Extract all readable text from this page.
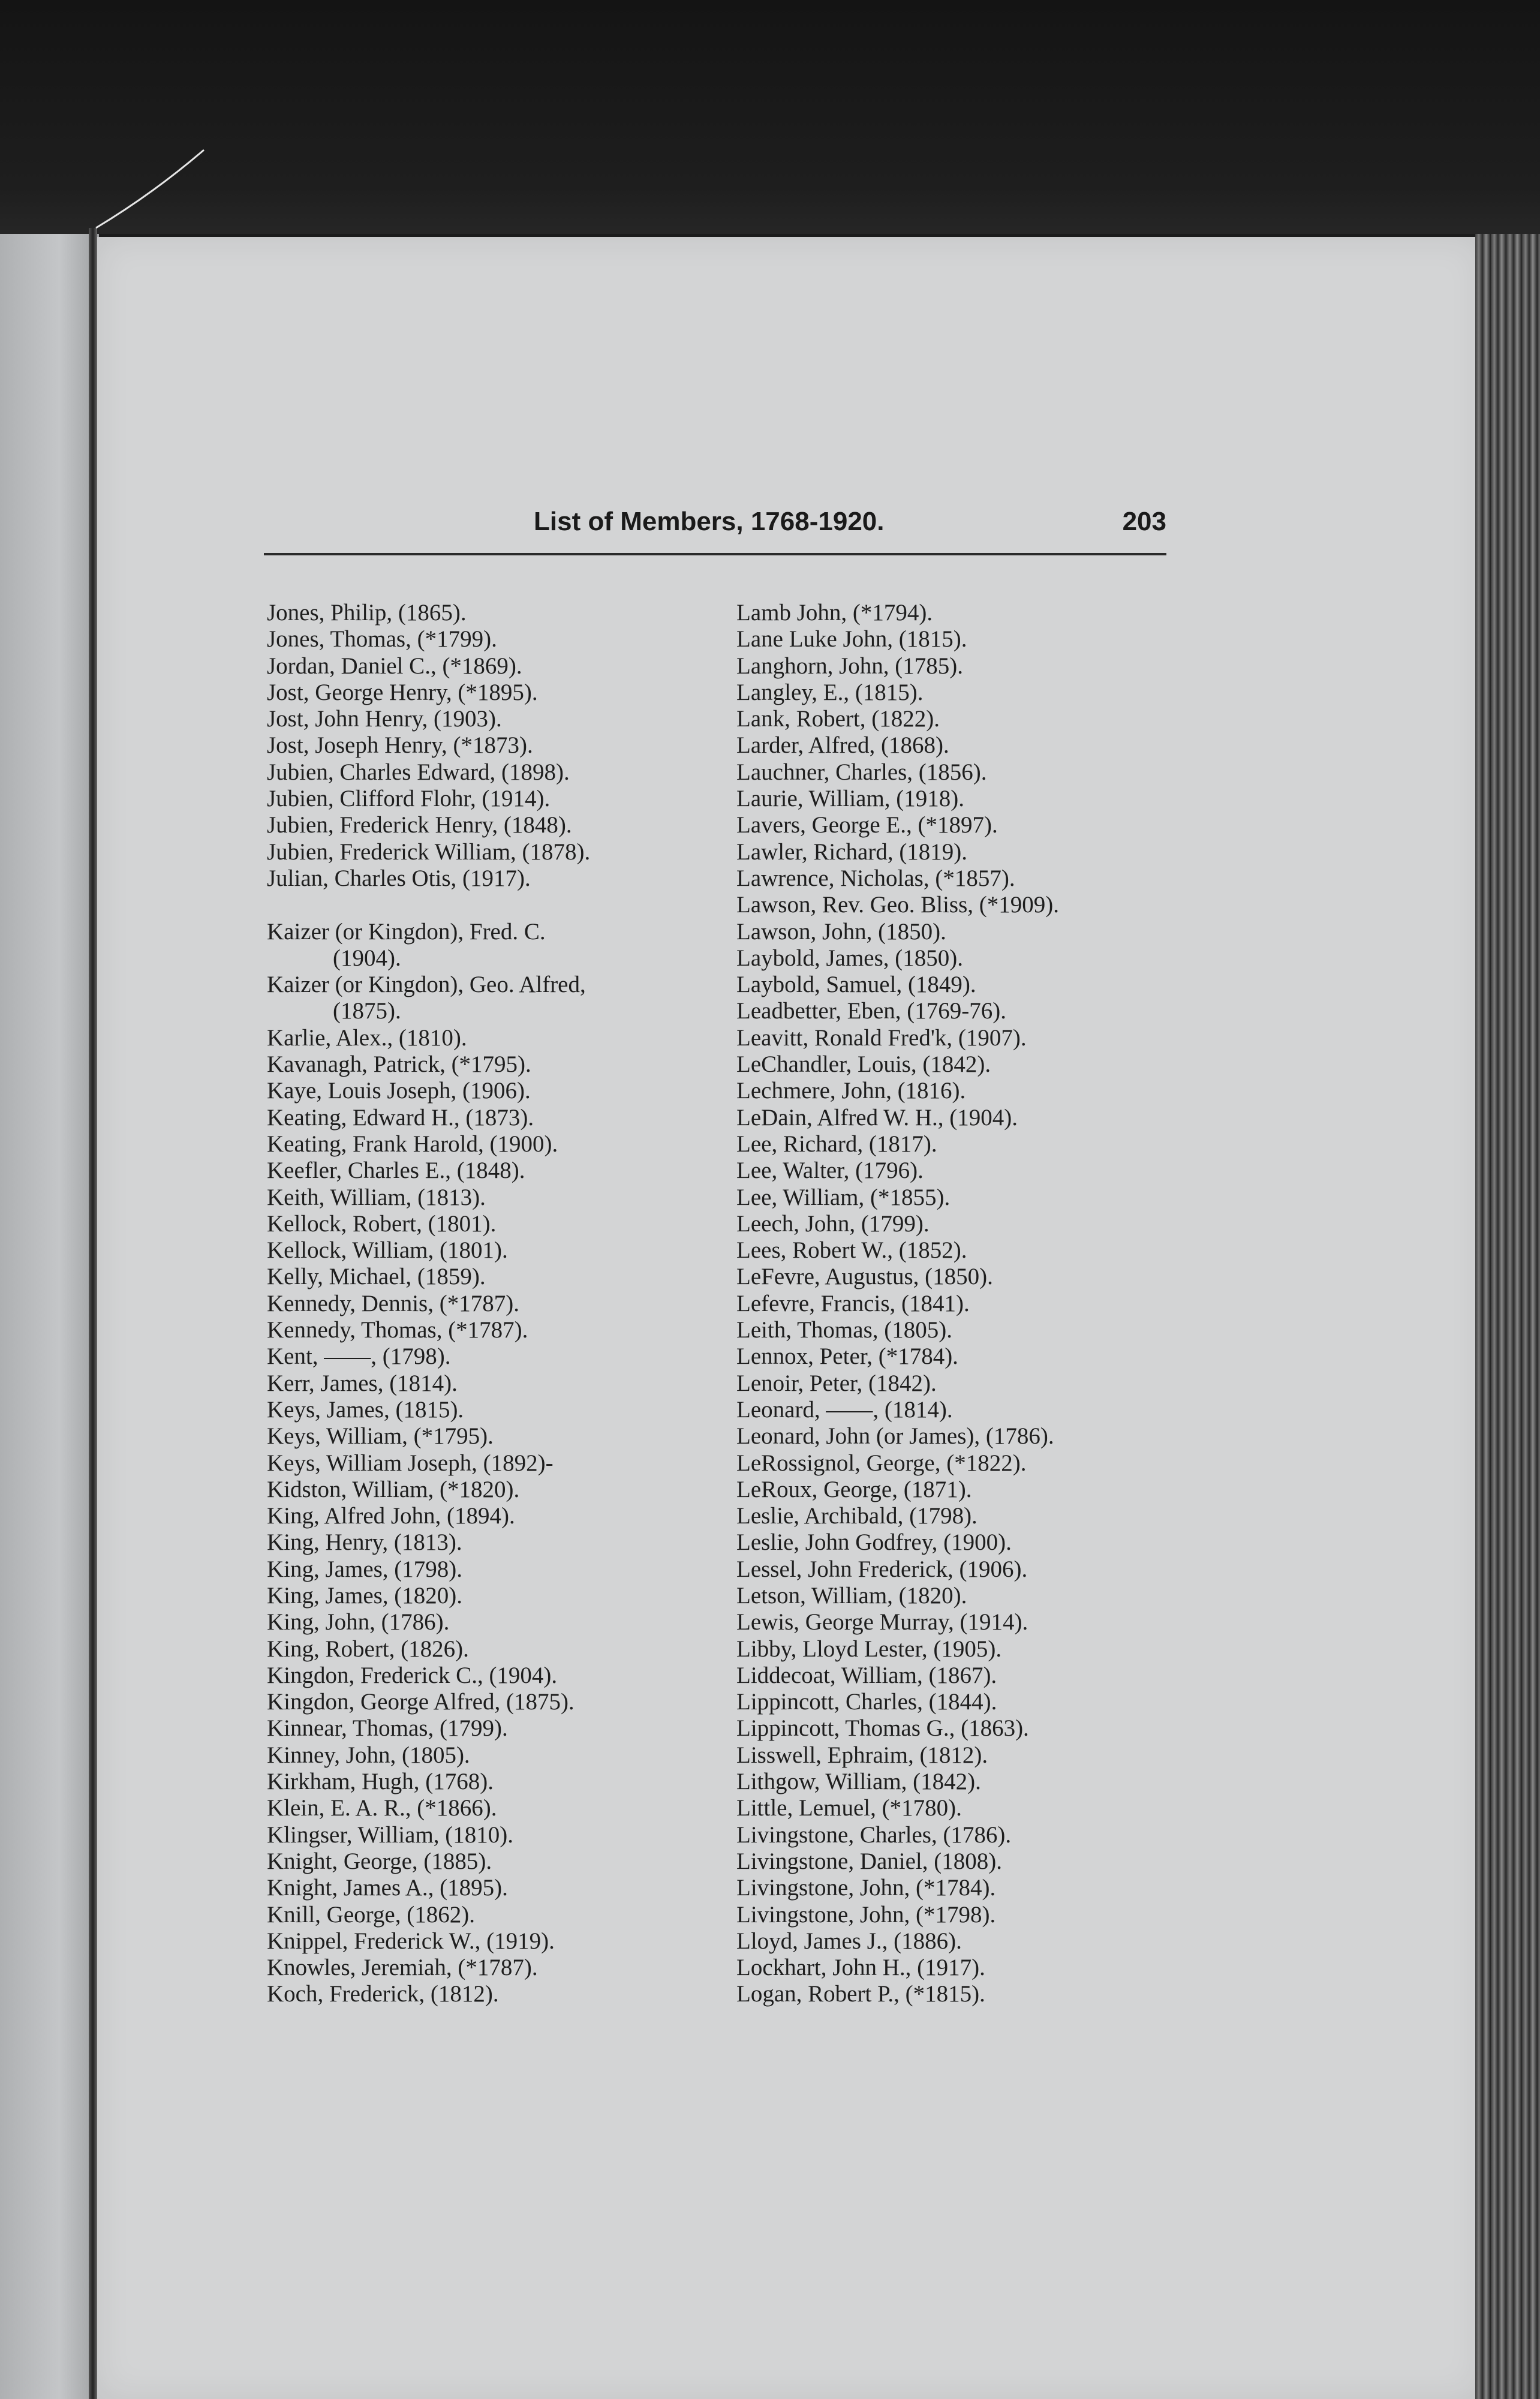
List of Members, 1768-1920.	203
Jones, Philip, (1865).
Jones, Thomas, (*1799).
Jordan, Daniel C., (*1869).
Jost, George Henry, (*1895).
Jost, John Henry, (1903).
Jost, Joseph Henry, (*1873).
Jubien, Charles Edward, (1898).
Jubien, Clifford Flohr, (1914).
Jubien, Frederick Henry, (1848).
Jubien, Frederick William, (1878).
Julian, Charles Otis, (1917).
Kaizer (or Kingdon), Fred. C.
(1904).
Kaizer (or Kingdon), Geo. Alfred,
(1875).
Karlie, Alex., (1810).
Kavanagh, Patrick, (*1795).
Kaye, Louis Joseph, (1906).
Keating, Edward H., (1873).
Keating, Frank Harold, (1900).
Keefler, Charles E., (1848).
Keith, William, (1813).
Kellock, Robert, (1801).
Kellock, William, (1801).
Kelly, Michael, (1859).
Kennedy, Dennis, (*1787).
Kennedy, Thomas, (*1787).
Kent, ——, (1798).
Kerr, James, (1814).
Keys, James, (1815).
Keys, William, (*1795).
Keys, William Joseph, (1892)-
Kidston, William, (*1820).
King, Alfred John, (1894).
King, Henry, (1813).
King, James, (1798).
King, James, (1820).
King, John, (1786).
King, Robert, (1826).
Kingdon, Frederick C., (1904).
Kingdon, George Alfred, (1875).
Kinnear, Thomas, (1799).
Kinney, John, (1805).
Kirkham, Hugh, (1768).
Klein, E. A. R., (*1866).
Klingser, William, (1810).
Knight, George, (1885).
Knight, James A., (1895).
Knill, George, (1862).
Knippel, Frederick W., (1919).
Knowles, Jeremiah, (*1787).
Koch, Frederick, (1812).
Lamb John, (*1794).
Lane Luke John, (1815).
Langhorn, John, (1785).
Langley, E., (1815).
Lank, Robert, (1822).
Larder, Alfred, (1868).
Lauchner, Charles, (1856).
Laurie, William, (1918).
Lavers, George E., (*1897).
Lawler, Richard, (1819).
Lawrence, Nicholas, (*1857).
Lawson, Rev. Geo. Bliss, (*1909).
Lawson, John, (1850).
Laybold, James, (1850).
Laybold, Samuel, (1849).
Leadbetter, Eben, (1769-76).
Leavitt, Ronald Fred'k, (1907).
LeChandler, Louis, (1842).
Lechmere, John, (1816).
LeDain, Alfred W. H., (1904).
Lee, Richard, (1817).
Lee, Walter, (1796).
Lee, William, (*1855).
Leech, John, (1799).
Lees, Robert W., (1852).
LeFevre, Augustus, (1850).
Lefevre, Francis, (1841).
Leith, Thomas, (1805).
Lennox, Peter, (*1784).
Lenoir, Peter, (1842).
Leonard, ——, (1814).
Leonard, John (or James), (1786).
LeRossignol, George, (*1822).
LeRoux, George, (1871).
Leslie, Archibald, (1798).
Leslie, John Godfrey, (1900).
Lessel, John Frederick, (1906).
Letson, William, (1820).
Lewis, George Murray, (1914).
Libby, Lloyd Lester, (1905).
Liddecoat, William, (1867).
Lippincott, Charles, (1844).
Lippincott, Thomas G., (1863).
Lisswell, Ephraim, (1812).
Lithgow, William, (1842).
Little, Lemuel, (*1780).
Livingstone, Charles, (1786).
Livingstone, Daniel, (1808).
Livingstone, John, (*1784).
Livingstone, John, (*1798).
Lloyd, James J., (1886).
Lockhart, John H., (1917).
Logan, Robert P., (*1815).
